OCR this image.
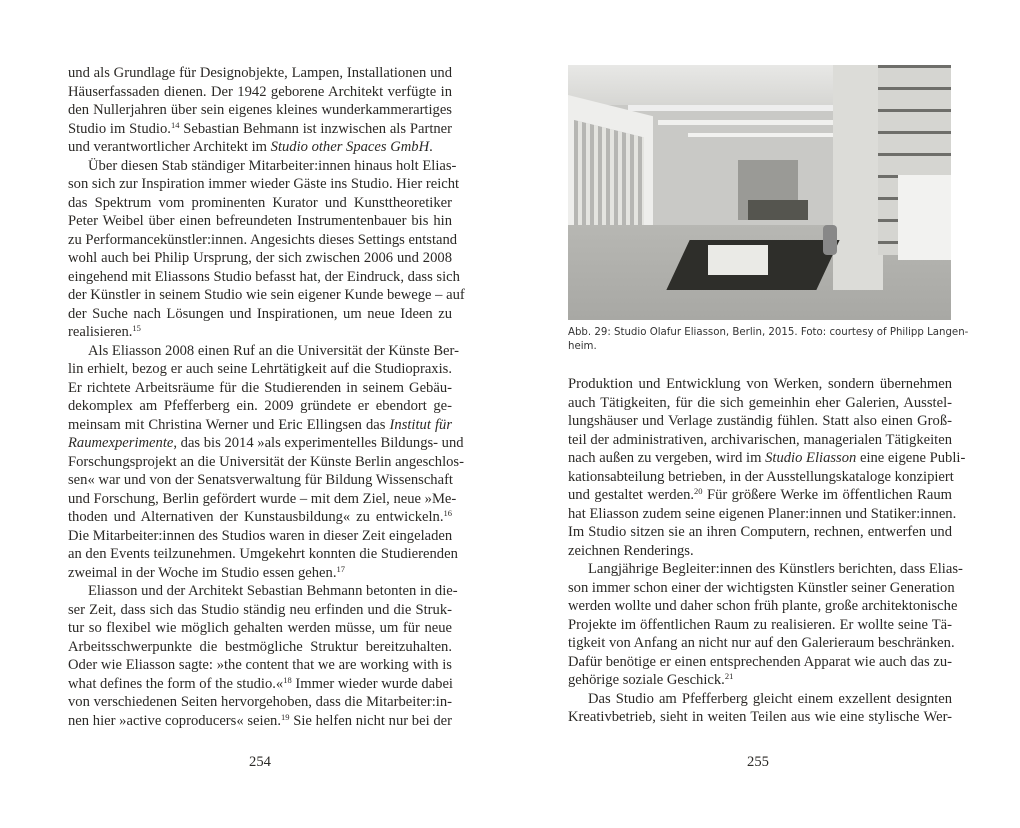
und als Grundlage für Designobjekte, Lampen, Installationen und
Häuserfassaden dienen. Der 1942 geborene Architekt verfügte in
den Nullerjahren über sein eigenes kleines wunderkammerartiges
Studio im Studio.$^{14}$ Sebastian Behmann ist inzwischen als Partner
und verantwortlicher Architekt im Studio other Spaces GmbH.
Über diesen Stab ständiger Mitarbeiter:innen hinaus holt Elias-
son sich zur Inspiration immer wieder Gäste ins Studio. Hier reicht
das Spektrum vom prominenten Kurator und Kunsttheoretiker
Peter Weibel über einen befreundeten Instrumentenbauer bis hin
zu Performancekünstler:innen. Angesichts dieses Settings entstand
wohl auch bei Philip Ursprung, der sich zwischen 2006 und 2008
eingehend mit Eliassons Studio befasst hat, der Eindruck, dass sich
der Künstler in seinem Studio wie sein eigener Kunde bewege – auf
der Suche nach Lösungen und Inspirationen, um neue Ideen zu
realisieren.$^{15}$
Als Eliasson 2008 einen Ruf an die Universität der Künste Ber-
lin erhielt, bezog er auch seine Lehrtätigkeit auf die Studiopraxis.
Er richtete Arbeitsräume für die Studierenden in seinem Gebäu-
dekomplex am Pfefferberg ein. 2009 gründete er ebendort ge-
meinsam mit Christina Werner und Eric Ellingsen das Institut für
Raumexperimente, das bis 2014 »als experimentelles Bildungs- und
Forschungsprojekt an die Universität der Künste Berlin angeschlos-
sen« war und von der Senatsverwaltung für Bildung Wissenschaft
und Forschung, Berlin gefördert wurde – mit dem Ziel, neue »Me-
thoden und Alternativen der Kunstausbildung« zu entwickeln.$^{16}$
Die Mitarbeiter:innen des Studios waren in dieser Zeit eingeladen
an den Events teilzunehmen. Umgekehrt konnten die Studierenden
zweimal in der Woche im Studio essen gehen.$^{17}$
Eliasson und der Architekt Sebastian Behmann betonten in die-
ser Zeit, dass sich das Studio ständig neu erfinden und die Struk-
tur so flexibel wie möglich gehalten werden müsse, um für neue
Arbeitsschwerpunkte die bestmögliche Struktur bereitzuhalten.
Oder wie Eliasson sagte: »the content that we are working with is
what defines the form of the studio.«$^{18}$ Immer wieder wurde dabei
von verschiedenen Seiten hervorgehoben, dass die Mitarbeiter:in-
nen hier »active coproducers« seien.$^{19}$ Sie helfen nicht nur bei der
254
Abb. 29: Studio Olafur Eliasson, Berlin, 2015. Foto: courtesy of Philipp Langen-
heim.
Produktion und Entwicklung von Werken, sondern übernehmen
auch Tätigkeiten, für die sich gemeinhin eher Galerien, Ausstel-
lungshäuser und Verlage zuständig fühlen. Statt also einen Groß-
teil der administrativen, archivarischen, managerialen Tätigkeiten
nach außen zu vergeben, wird im Studio Eliasson eine eigene Publi-
kationsabteilung betrieben, in der Ausstellungskataloge konzipiert
und gestaltet werden.$^{20}$ Für größere Werke im öffentlichen Raum
hat Eliasson zudem seine eigenen Planer:innen und Statiker:innen.
Im Studio sitzen sie an ihren Computern, rechnen, entwerfen und
zeichnen Renderings.
Langjährige Begleiter:innen des Künstlers berichten, dass Elias-
son immer schon einer der wichtigsten Künstler seiner Generation
werden wollte und daher schon früh plante, große architektonische
Projekte im öffentlichen Raum zu realisieren. Er wollte seine Tä-
tigkeit von Anfang an nicht nur auf den Galerieraum beschränken.
Dafür benötige er einen entsprechenden Apparat wie auch das zu-
gehörige soziale Geschick.$^{21}$
Das Studio am Pfefferberg gleicht einem exzellent designten
Kreativbetrieb, sieht in weiten Teilen aus wie eine stylische Wer-
255
